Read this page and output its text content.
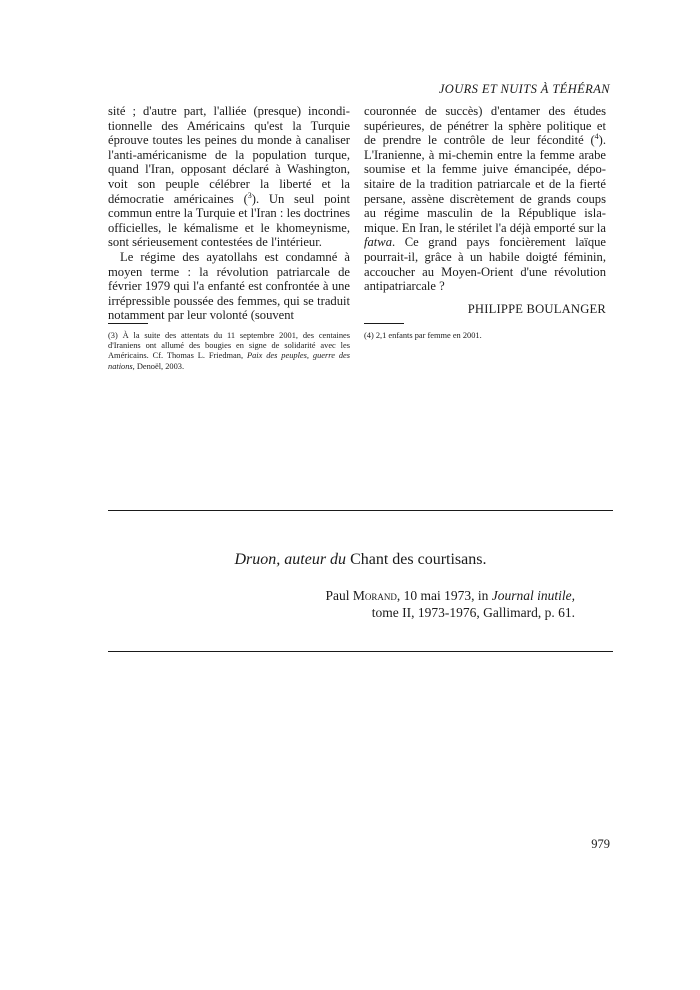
JOURS ET NUITS À TÉHÉRAN

sité ; d'autre part, l'alliée (presque) inconditionnelle des Américains qu'est la Turquie éprouve toutes les peines du monde à canaliser l'anti-américanisme de la population turque, quand l'Iran, opposant déclaré à Washington, voit son peuple célébrer la liberté et la démocratie américaines ($^3$). Un seul point commun entre la Turquie et l'Iran : les doctrines officielles, le kémalisme et le khomeynisme, sont sérieusement contestées de l'intérieur.

Le régime des ayatollahs est condamné à moyen terme : la révolution patriarcale de février 1979 qui l'a enfanté est confrontée à une irrépressible poussée des femmes, qui se traduit notamment par leur volonté (souvent

couronnée de succès) d'entamer des études supérieures, de pénétrer la sphère politique et de prendre le contrôle de leur fécondité ($^4$). L'Iranienne, à mi-chemin entre la femme arabe soumise et la femme juive émancipée, dépositaire de la tradition patriarcale et de la fierté persane, assène discrètement de grands coups au régime masculin de la République islamique. En Iran, le stérilet l'a déjà emporté sur la fatwa. Ce grand pays foncièrement laïque pourrait-il, grâce à un habile doigté féminin, accoucher au Moyen-Orient d'une révolution antipatriarcale ?

PHILIPPE BOULANGER
(3) À la suite des attentats du 11 septembre 2001, des centaines d'Iraniens ont allumé des bougies en signe de solidarité avec les Américains. Cf. Thomas L. Friedman, Paix des peuples, guerre des nations, Denoël, 2003.
(4) 2,1 enfants par femme en 2001.
Druon, auteur du Chant des courtisans.
Paul Morand, 10 mai 1973, in Journal inutile,
tome II, 1973-1976, Gallimard, p. 61.
979
